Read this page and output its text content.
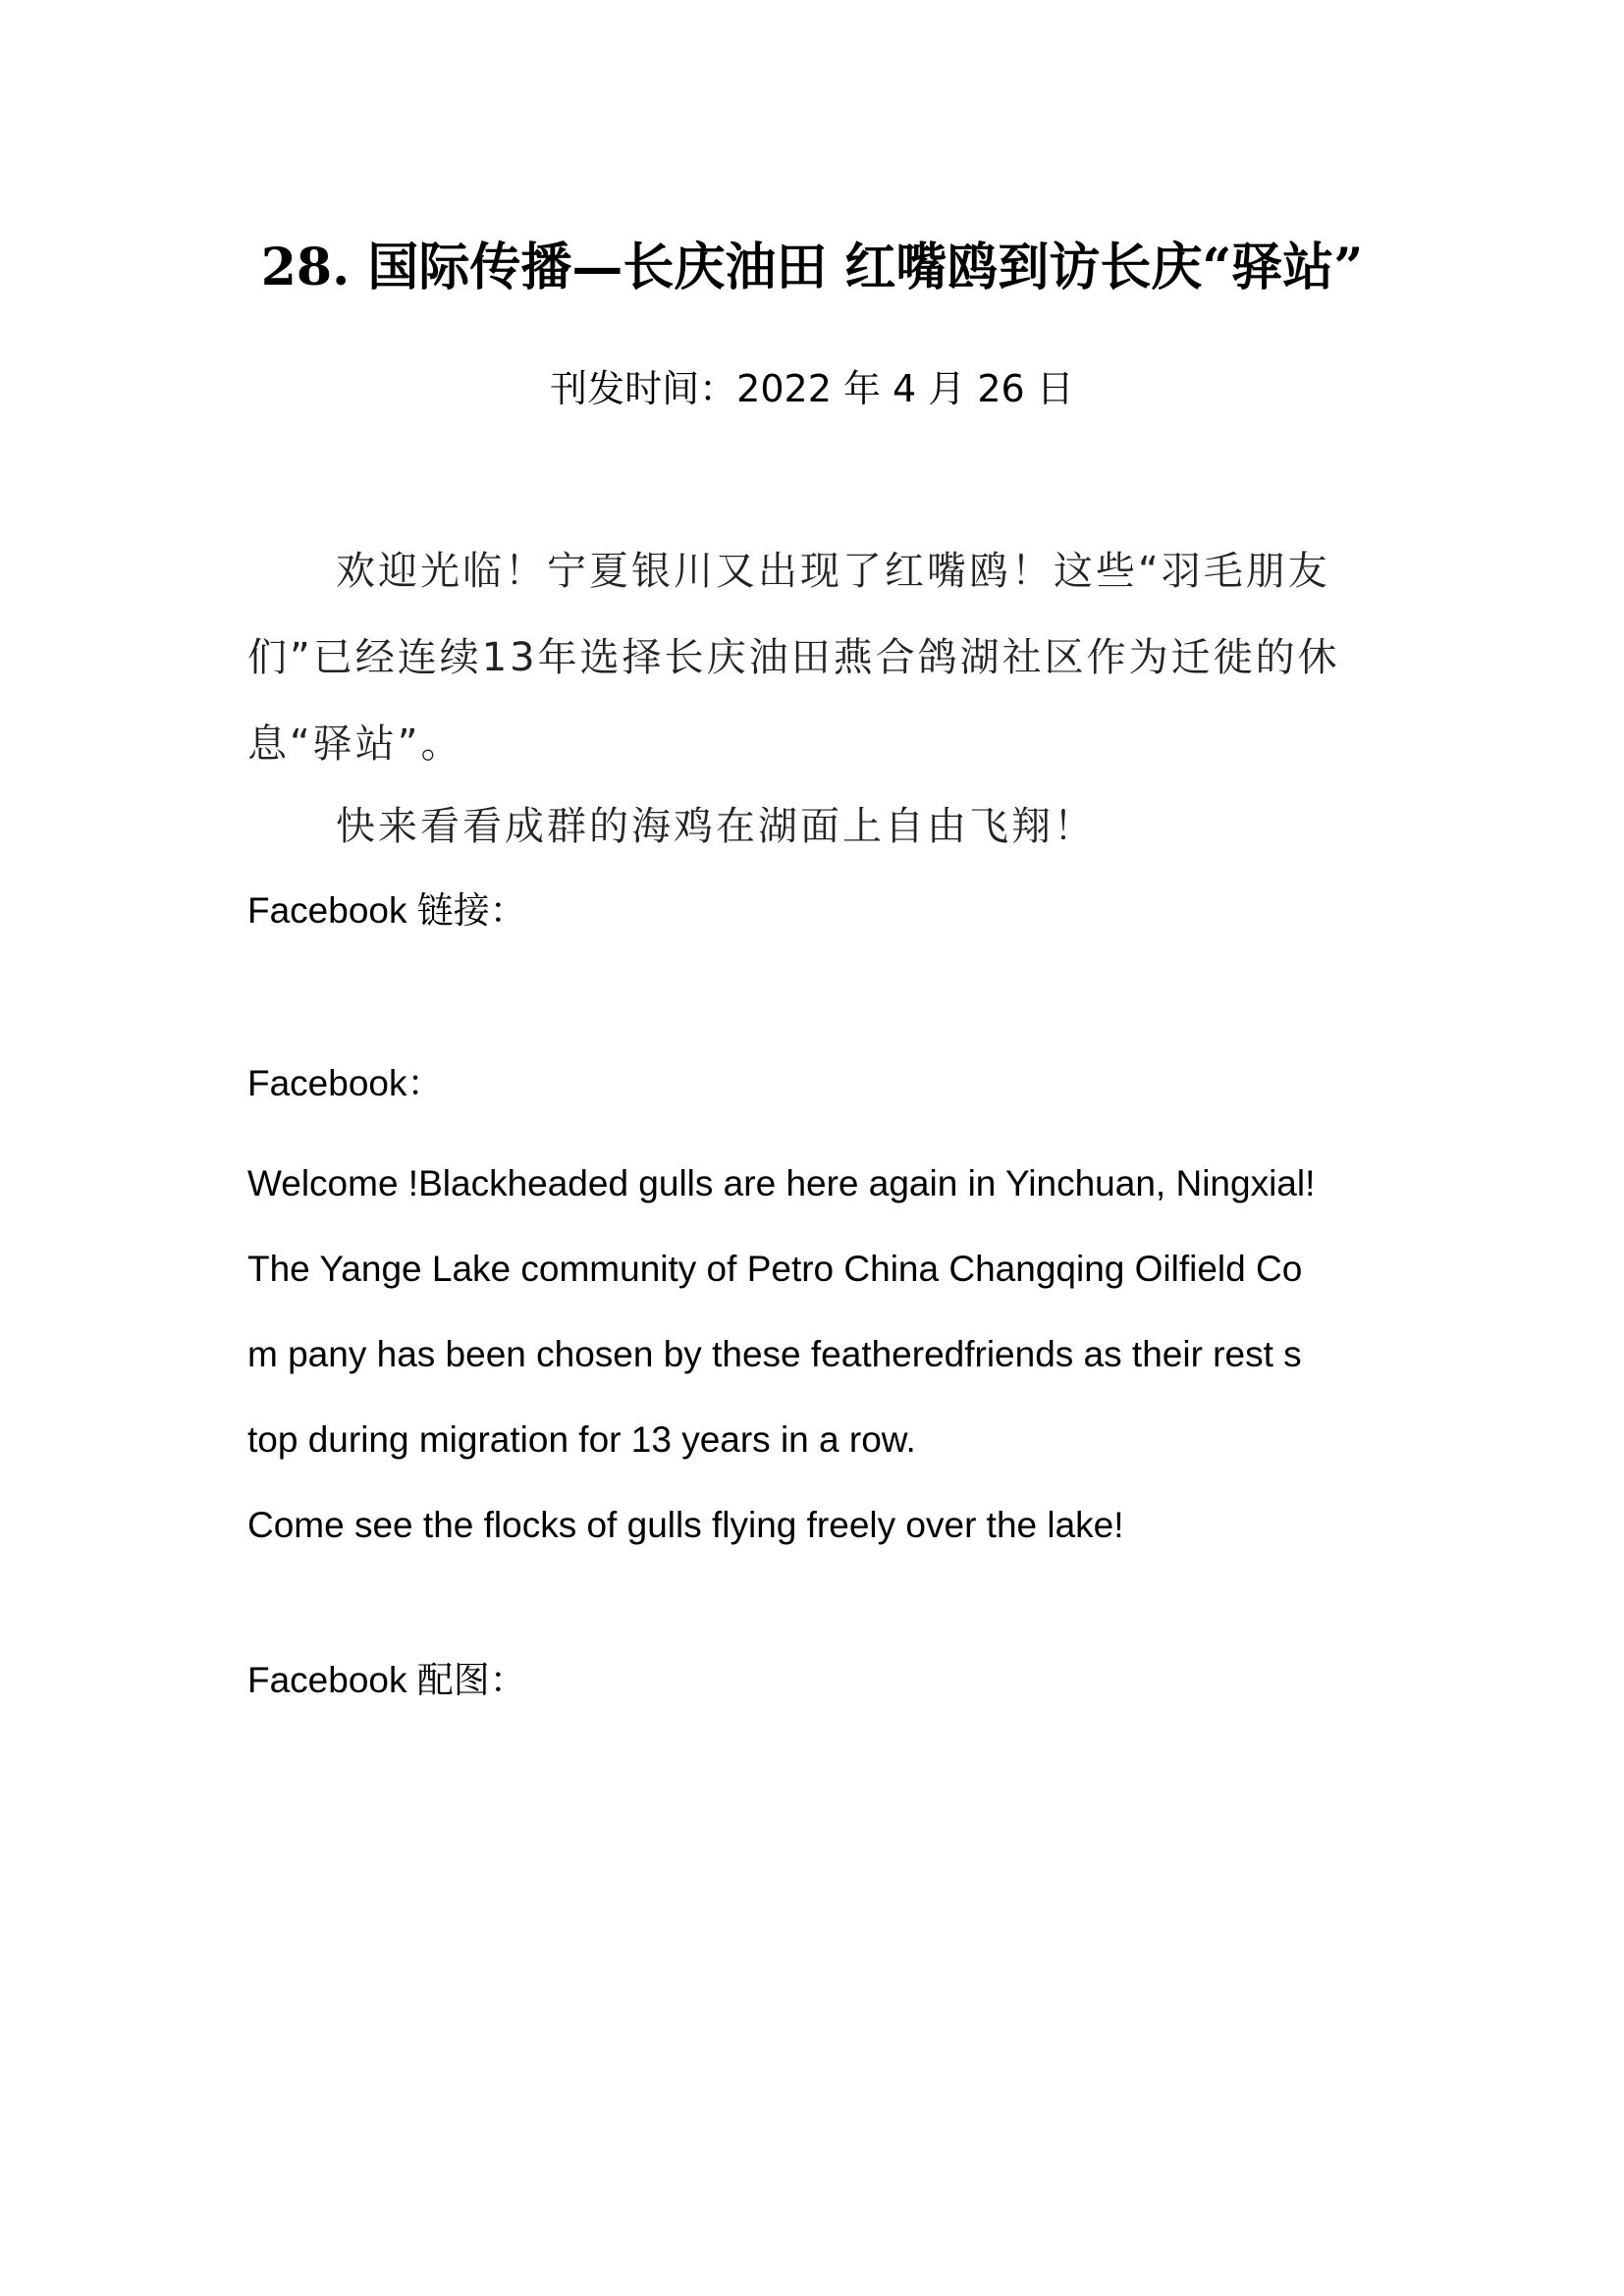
28. 国际传播—长庆油田 红嘴鸥到访长庆“驿站”
刊发时间：2022 年 4 月 26 日
欢迎光临！宁夏银川又出现了红嘴鸥！这些“羽毛朋友们”已经连续13年选择长庆油田燕合鸽湖社区作为迁徙的休息“驿站”。
快来看看成群的海鸡在湖面上自由飞翔！
Facebook 链接：
Facebook：
Welcome !Blackheaded gulls are here again in Yinchuan, Ningxial!
The Yange Lake community of Petro China Changqing Oilfield Co
m pany has been chosen by these featheredfriends as their rest s
top during migration for 13 years in a row.
Come see the flocks of gulls flying freely over the lake!
Facebook 配图：
